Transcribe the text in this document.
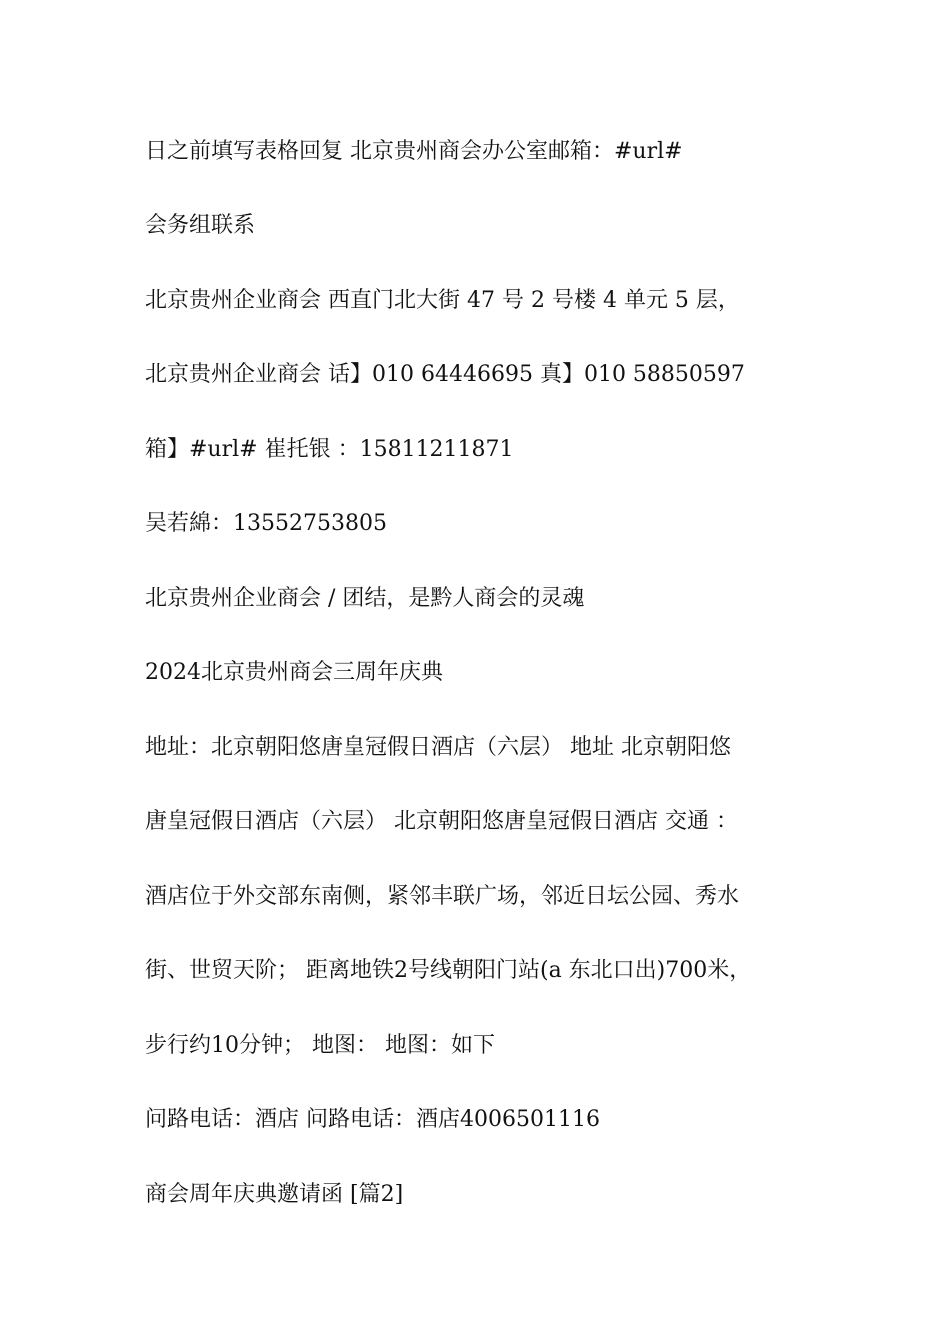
日之前填写表格回复 北京贵州商会办公室邮箱：#url#
会务组联系
北京贵州企业商会 西直门北大街 47 号 2 号楼 4 单元 5 层，
北京贵州企业商会 话】010 64446695 真】010 58850597
箱】#url# 崔托银 ：15811211871
吴若綿：13552753805
北京贵州企业商会 / 团结，是黔人商会的灵魂
2024北京贵州商会三周年庆典
地址：北京朝阳悠唐皇冠假日酒店（六层） 地址 北京朝阳悠
唐皇冠假日酒店（六层） 北京朝阳悠唐皇冠假日酒店 交通 ：
酒店位于外交部东南侧，紧邻丰联广场，邻近日坛公园、秀水
街、世贸天阶； 距离地铁2号线朝阳门站(a 东北口出)700米，
步行约10分钟； 地图： 地图：如下
问路电话：酒店 问路电话：酒店4006501116
商会周年庆典邀请函 [篇2]
